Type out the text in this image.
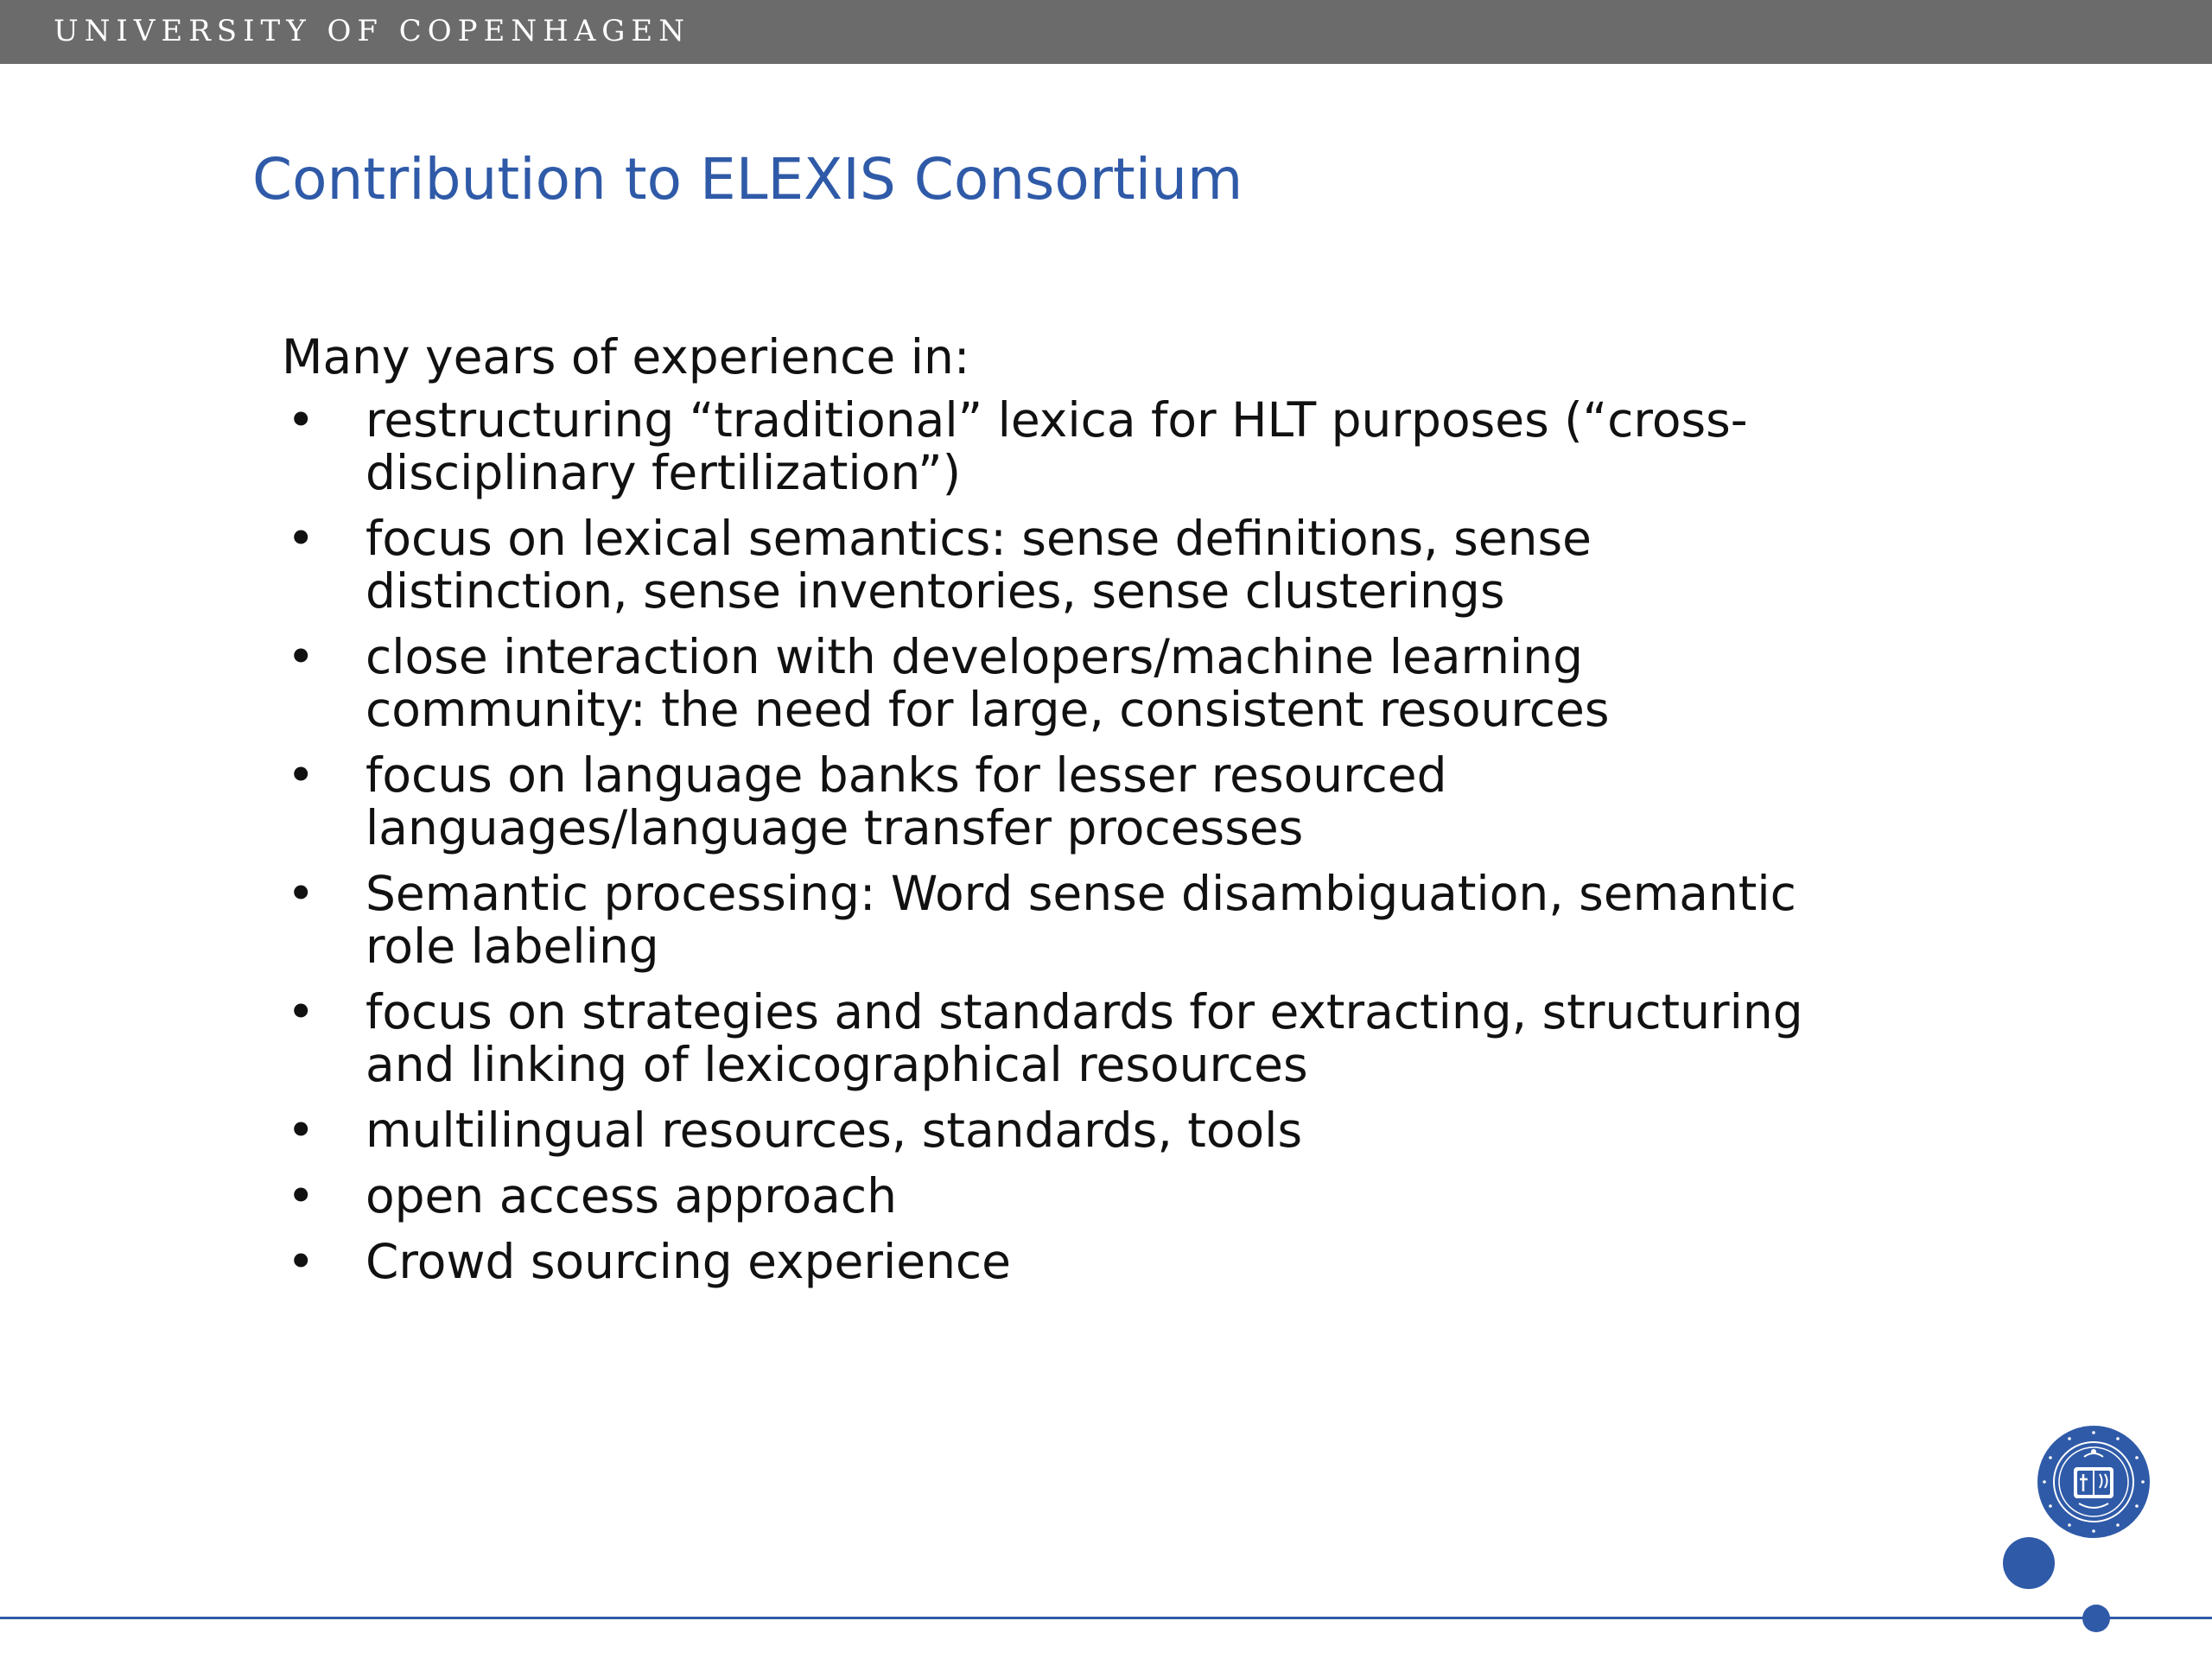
UNIVERSITY OF COPENHAGEN
Contribution to ELEXIS Consortium

Many years of experience in:

• restructuring “traditional” lexica for HLT purposes (“cross-
disciplinary fertilization”)
• focus on lexical semantics: sense definitions, sense
distinction, sense inventories, sense clusterings
• close interaction with developers/machine learning
community: the need for large, consistent resources
• focus on language banks for lesser resourced
languages/language transfer processes
• Semantic processing: Word sense disambiguation, semantic
role labeling
• focus on strategies and standards for extracting, structuring
and linking of lexicographical resources
• multilingual resources, standards, tools
• open access approach
• Crowd sourcing experience
